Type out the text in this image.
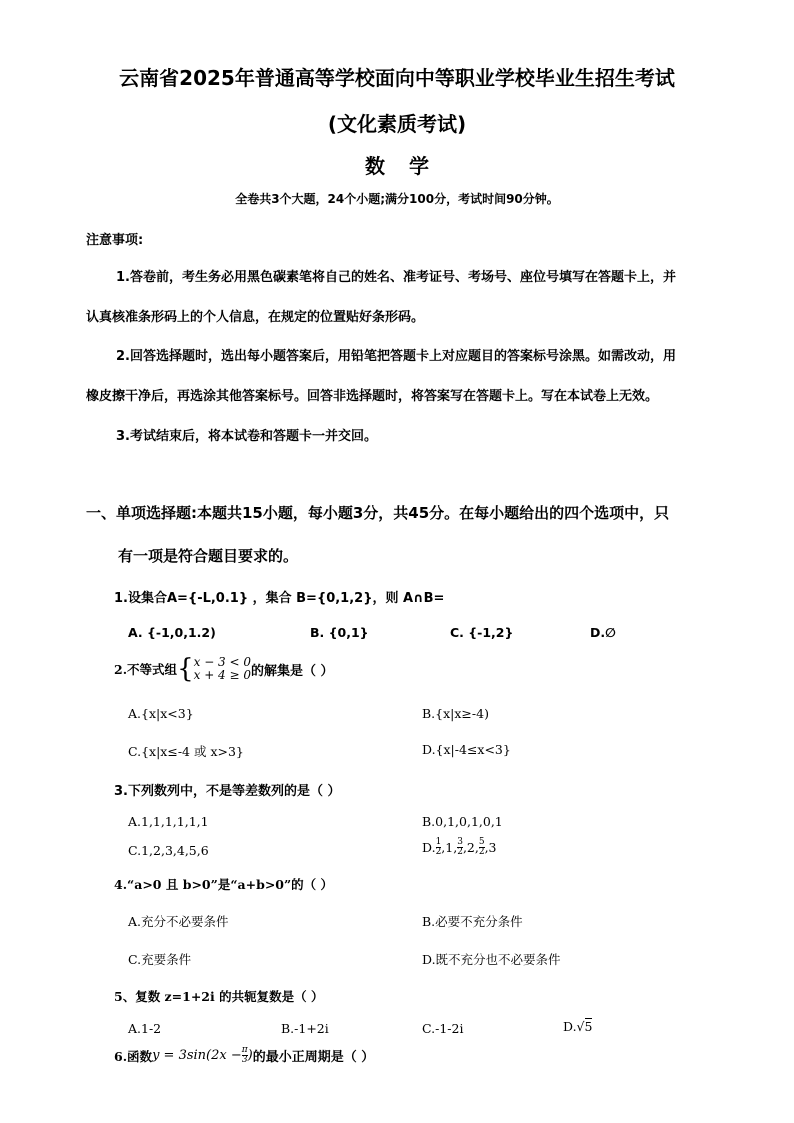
云南省2025年普通高等学校面向中等职业学校毕业生招生考试
(文化素质考试)
数学
全卷共3个大题，24个小题;满分100分，考试时间90分钟。
注意事项:
1.答卷前，考生务必用黑色碳素笔将自己的姓名、准考证号、考场号、座位号填写在答题卡上，并
认真核准条形码上的个人信息，在规定的位置贴好条形码。
2.回答选择题时，选出每小题答案后，用铅笔把答题卡上对应题目的答案标号涂黑。如需改动，用
橡皮擦干净后，再选涂其他答案标号。回答非选择题时，将答案写在答题卡上。写在本试卷上无效。
3.考试结束后，将本试卷和答题卡一并交回。
一、单项选择题:本题共15小题，每小题3分，共45分。在每小题给出的四个选项中，只
有一项是符合题目要求的。
1.设集合A={-L,0.1} ，集合 B={0,1,2}，则 A∩B=
A. {-1,0,1.2)	B. {0,1}	C. {-1,2}	D.∅
2.不等式组 { x − 3 < 0
x + 4 ≥ 0 的解集是（ ）
A.{x|x<3}	B.{x|x≥-4)
C.{x|x≤-4 或 x>3}	D.{x|-4≤x<3}
3.下列数列中，不是等差数列的是（ ）
A.1,1,1,1,1,1	B.0,1,0,1,0,1
C.1,2,3,4,5,6	D. $\frac{1}{2} ,1$, $\frac{3}{2} ,2$, $\frac{5}{2} ,3$
4.“a>0 且 b>0”是“a+b>0”的（ ）
A.充分不必要条件	B.必要不充分条件
C.充要条件	D.既不充分也不必要条件
5、复数 z=1+2i 的共轭复数是（ ）
A.1-2	B.-1+2i	C.-1-2i	D.√5
6.函数 $y = 3\sin(2x - \frac{\pi}{3}$ ) 的最小正周期是（ ）
